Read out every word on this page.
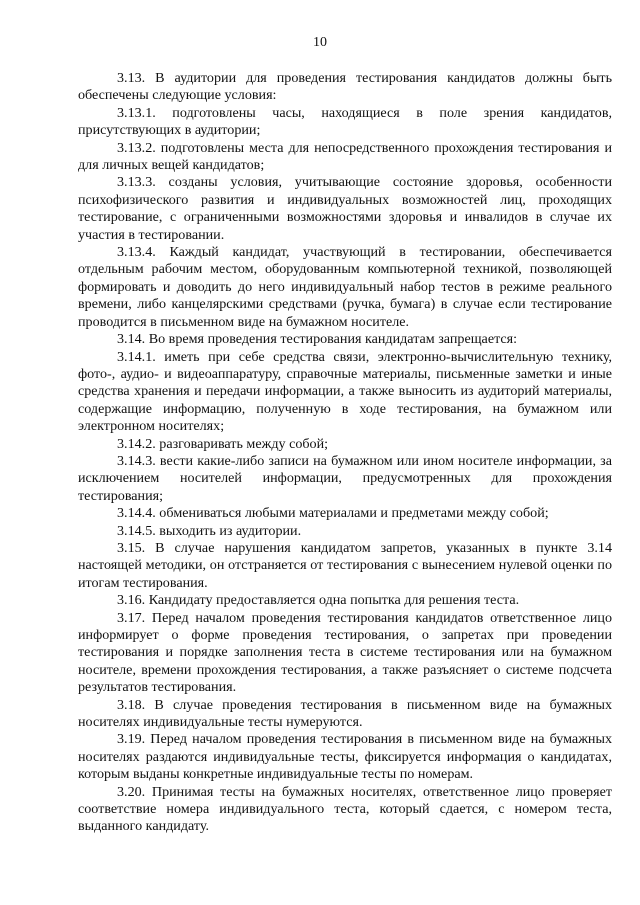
10

3.13. В аудитории для проведения тестирования кандидатов должны быть обеспечены следующие условия:

3.13.1. подготовлены часы, находящиеся в поле зрения кандидатов, присутствующих в аудитории;

3.13.2. подготовлены места для непосредственного прохождения тестирования и для личных вещей кандидатов;

3.13.3. созданы условия, учитывающие состояние здоровья, особенности психофизического развития и индивидуальных возможностей лиц, проходящих тестирование, с ограниченными возможностями здоровья и инвалидов в случае их участия в тестировании.

3.13.4. Каждый кандидат, участвующий в тестировании, обеспечивается отдельным рабочим местом, оборудованным компьютерной техникой, позволяющей формировать и доводить до него индивидуальный набор тестов в режиме реального времени, либо канцелярскими средствами (ручка, бумага) в случае если тестирование проводится в письменном виде на бумажном носителе.

3.14. Во время проведения тестирования кандидатам запрещается:

3.14.1. иметь при себе средства связи, электронно-вычислительную технику, фото-, аудио- и видеоаппаратуру, справочные материалы, письменные заметки и иные средства хранения и передачи информации, а также выносить из аудиторий материалы, содержащие информацию, полученную в ходе тестирования, на бумажном или электронном носителях;

3.14.2. разговаривать между собой;

3.14.3. вести какие-либо записи на бумажном или ином носителе информации, за исключением носителей информации, предусмотренных для прохождения тестирования;

3.14.4. обмениваться любыми материалами и предметами между собой;

3.14.5. выходить из аудитории.

3.15. В случае нарушения кандидатом запретов, указанных в пункте 3.14 настоящей методики, он отстраняется от тестирования с вынесением нулевой оценки по итогам тестирования.

3.16. Кандидату предоставляется одна попытка для решения теста.

3.17. Перед началом проведения тестирования кандидатов ответственное лицо информирует о форме проведения тестирования, о запретах при проведении тестирования и порядке заполнения теста в системе тестирования или на бумажном носителе, времени прохождения тестирования, а также разъясняет о системе подсчета результатов тестирования.

3.18. В случае проведения тестирования в письменном виде на бумажных носителях индивидуальные тесты нумеруются.

3.19. Перед началом проведения тестирования в письменном виде на бумажных носителях раздаются индивидуальные тесты, фиксируется информация о кандидатах, которым выданы конкретные индивидуальные тесты по номерам.

3.20. Принимая тесты на бумажных носителях, ответственное лицо проверяет соответствие номера индивидуального теста, который сдается, с номером теста, выданного кандидату.
